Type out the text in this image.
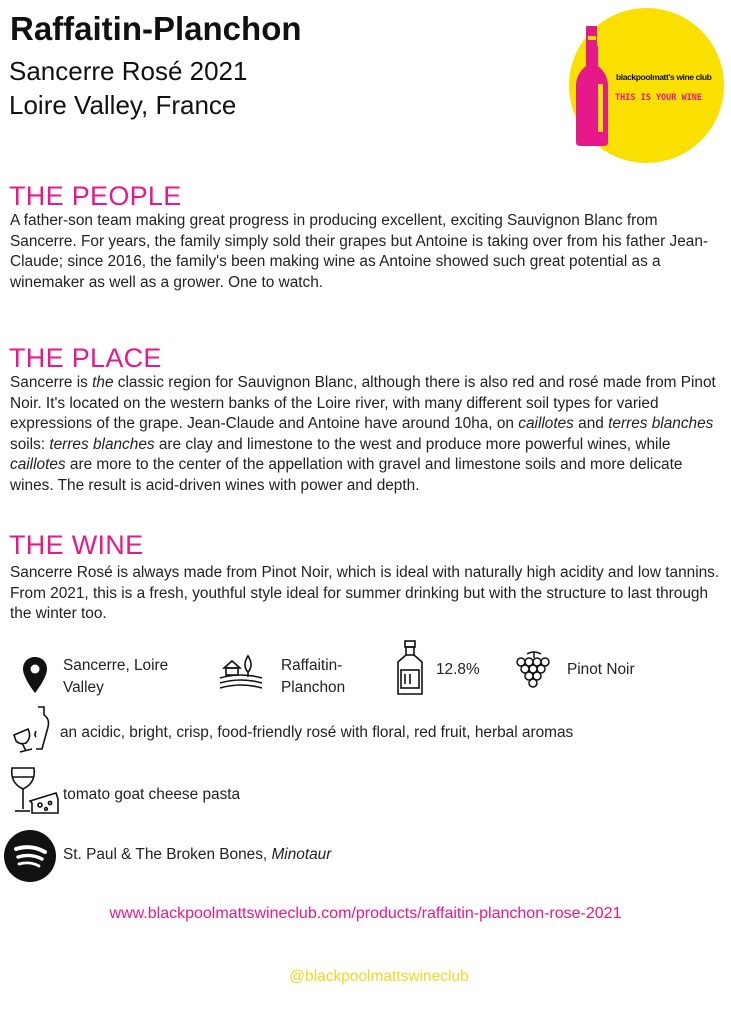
Raffaitin-Planchon
Sancerre Rosé 2021
Loire Valley, France
blackpoolmatt's wine club
THIS IS YOUR WINE
THE PEOPLE

A father-son team making great progress in producing excellent, exciting Sauvignon Blanc from Sancerre. For years, the family simply sold their grapes but Antoine is taking over from his father Jean-Claude; since 2016, the family's been making wine as Antoine showed such great potential as a winemaker as well as a grower. One to watch.

THE PLACE

Sancerre is the classic region for Sauvignon Blanc, although there is also red and rosé made from Pinot Noir. It's located on the western banks of the Loire river, with many different soil types for varied expressions of the grape. Jean-Claude and Antoine have around 10ha, on caillotes and terres blanches soils: terres blanches are clay and limestone to the west and produce more powerful wines, while caillotes are more to the center of the appellation with gravel and limestone soils and more delicate wines. The result is acid-driven wines with power and depth.

THE WINE

Sancerre Rosé is always made from Pinot Noir, which is ideal with naturally high acidity and low tannins. From 2021, this is a fresh, youthful style ideal for summer drinking but with the structure to last through the winter too.

Sancerre, Loire
Valley
Raffaitin-
Planchon
12.8%	Pinot Noir
an acidic, bright, crisp, food-friendly rosé with floral, red fruit, herbal aromas
tomato goat cheese pasta
St. Paul & The Broken Bones, Minotaur
www.blackpoolmattswineclub.com/products/raffaitin-planchon-rose-2021
@blackpoolmattswineclub
